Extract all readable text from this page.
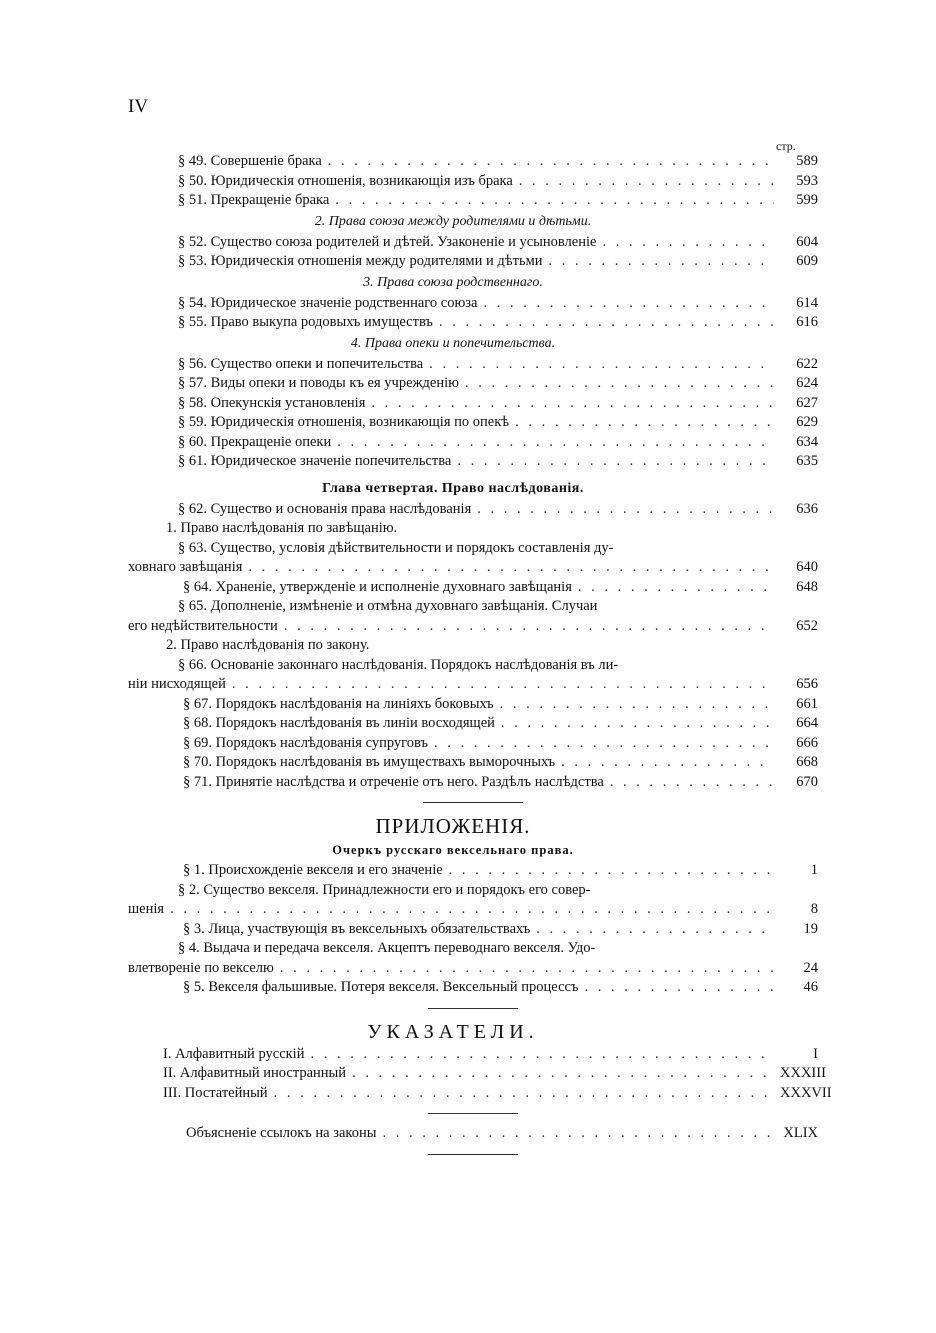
IV
стр.
§ 49. Совершеніе брака . . .	589
§ 50. Юридическія отношенія, возникающія изъ брака . . .	593
§ 51. Прекращеніе брака . . .	599
2. Права союза между родителями и дѣтьми.
§ 52. Существо союза родителей и дѣтей. Узаконеніе и усыновленіе . . .	604
§ 53. Юридическія отношенія между родителями и дѣтьми . . .	609
3. Права союза родственнаго.
§ 54. Юридическое значеніе родственнаго союза . . .	614
§ 55. Право выкупа родовыхъ имуществъ . . .	616
4. Права опеки и попечительства.
§ 56. Существо опеки и попечительства . . .	622
§ 57. Виды опеки и поводы къ ея учрежденію . . .	624
§ 58. Опекунскія установленія . . .	627
§ 59. Юридическія отношенія, возникающія по опекѣ . . .	629
§ 60. Прекращеніе опеки . . .	634
§ 61. Юридическое значеніе попечительства . . .	635
Глава четвертая. Право наслѣдованія.
§ 62. Существо и основанія права наслѣдованія . . .	636
1. Право наслѣдованія по завѣщанію.
§ 63. Существо, условія дѣйствительности и порядокъ составленія ду-
ховнаго завѣщанія . . .	640
§ 64. Храненіе, утвержденіе и исполненіе духовнаго завѣщанія . . .	648
§ 65. Дополненіе, измѣненіе и отмѣна духовнаго завѣщанія. Случаи
его недѣйствительности . . .	652
2. Право наслѣдованія по закону.
§ 66. Основаніе законнаго наслѣдованія. Порядокъ наслѣдованія въ ли-
ніи нисходящей . . .	656
§ 67. Порядокъ наслѣдованія на линіяхъ боковыхъ . . .	661
§ 68. Порядокъ наслѣдованія въ линіи восходящей . . .	664
§ 69. Порядокъ наслѣдованія супруговъ . . .	666
§ 70. Порядокъ наслѣдованія въ имуществахъ выморочныхъ . . .	668
§ 71. Принятіе наслѣдства и отреченіе отъ него. Раздѣлъ наслѣдства . . .	670
ПРИЛОЖЕНІЯ.
Очеркъ русскаго вексельнаго права.
§ 1. Происхожденіе векселя и его значеніе . . .	1
§ 2. Существо векселя. Принадлежности его и порядокъ его совер-
шенія . . .	8
§ 3. Лица, участвующія въ вексельныхъ обязательствахъ . . .	19
§ 4. Выдача и передача векселя. Акцептъ переводнаго векселя. Удо-
влетвореніе по векселю . . .	24
§ 5. Векселя фальшивые. Потеря векселя. Вексельный процессъ . . .	46
УКАЗАТЕЛИ.
I. Алфавитный русскій . . .	I
II. Алфавитный иностранный . . .	XXXIII
III. Постатейный . . .	XXXVII
Объясненіе ссылокъ на законы . . .	XLIX
